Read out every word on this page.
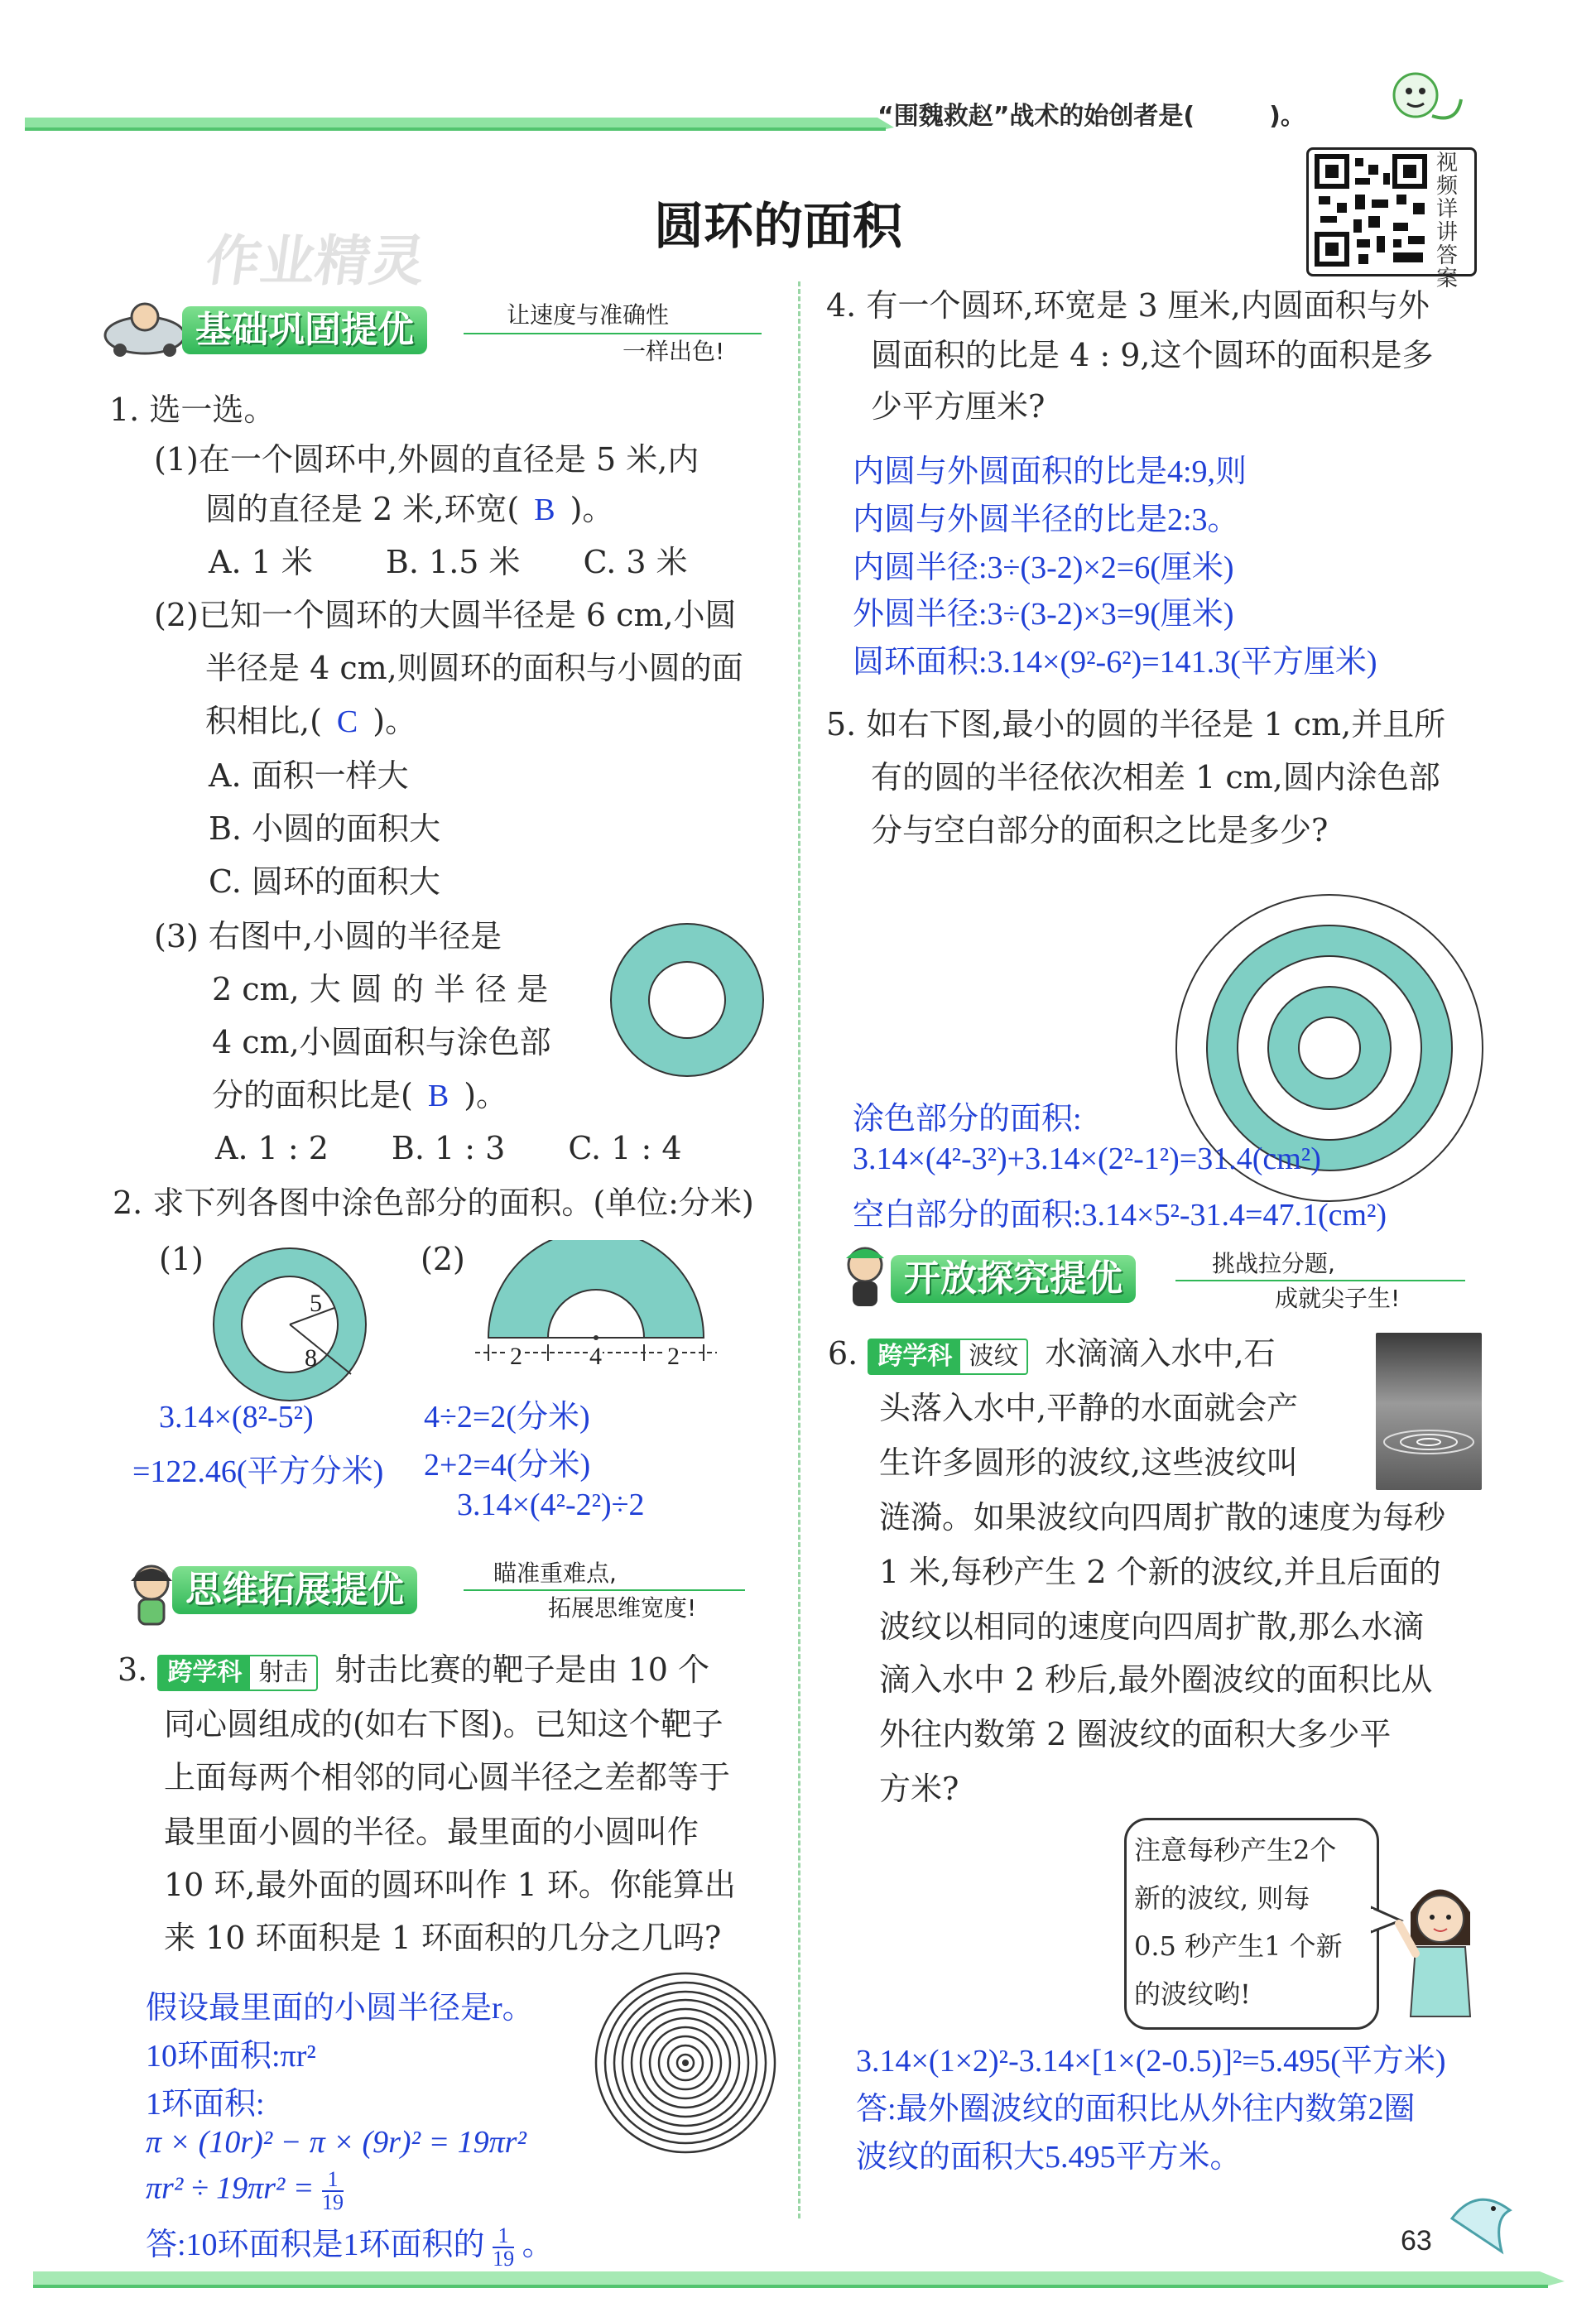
“围魏救赵”战术的始创者是(　　　)。
视频详讲答案
圆环的面积
作业精灵
基础巩固提优	让速度与准确性
一样出色!
1. 选一选。
(1)在一个圆环中,外圆的直径是 5 米,内
圆的直径是 2 米,环宽( B )。
A. 1 米　　 B. 1.5 米　　C. 3 米
(2)已知一个圆环的大圆半径是 6 cm,小圆
半径是 4 cm,则圆环的面积与小圆的面
积相比,( C )。
A. 面积一样大
B. 小圆的面积大
C. 圆环的面积大
(3) 右图中,小圆的半径是
2 cm, 大 圆 的 半 径 是
4 cm,小圆面积与涂色部
分的面积比是( B )。
A. 1 : 2　　B. 1 : 3　　C. 1 : 4
2. 求下列各图中涂色部分的面积。(单位:分米)
(1)
5
8
(2)
2	4	2
3.14×(8²-5²)
=122.46(平方分米)
4÷2=2(分米)
2+2=4(分米)
3.14×(4²-2²)÷2
思维拓展提优	瞄准重难点,
拓展思维宽度!
3. 跨学科 射击 射击比赛的靶子是由 10 个
同心圆组成的(如右下图)。已知这个靶子
上面每两个相邻的同心圆半径之差都等于
最里面小圆的半径。最里面的小圆叫作
10 环,最外面的圆环叫作 1 环。你能算出
来 10 环面积是 1 环面积的几分之几吗?
假设最里面的小圆半径是r。
10环面积:πr²
1环面积:
π × (10r)² − π × (9r)² = 19πr²
$\pi r^2 \div 19\pi r^2 = \frac{1}{19}$
答:10环面积是1环面积的 $\frac{1}{19}$ 。
4. 有一个圆环,环宽是 3 厘米,内圆面积与外
圆面积的比是 4 : 9,这个圆环的面积是多
少平方厘米?
内圆与外圆面积的比是4:9,则
内圆与外圆半径的比是2:3。
内圆半径:3÷(3-2)×2=6(厘米)
外圆半径:3÷(3-2)×3=9(厘米)
圆环面积:3.14×(9²-6²)=141.3(平方厘米)
5. 如右下图,最小的圆的半径是 1 cm,并且所
有的圆的半径依次相差 1 cm,圆内涂色部
分与空白部分的面积之比是多少?
涂色部分的面积:
3.14×(4²-3²)+3.14×(2²-1²)=31.4(cm²)
空白部分的面积:3.14×5²-31.4=47.1(cm²)
开放探究提优	挑战拉分题,
成就尖子生!
6. 跨学科 波纹 水滴滴入水中,石
头落入水中,平静的水面就会产
生许多圆形的波纹,这些波纹叫
涟漪。如果波纹向四周扩散的速度为每秒
1 米,每秒产生 2 个新的波纹,并且后面的
波纹以相同的速度向四周扩散,那么水滴
滴入水中 2 秒后,最外圈波纹的面积比从
外往内数第 2 圈波纹的面积大多少平
方米?
注意每秒产生2个
新的波纹, 则每
0.5 秒产生1 个新
的波纹哟!
3.14×(1×2)²-3.14×[1×(2-0.5)]²=5.495(平方米)
答:最外圈波纹的面积比从外往内数第2圈
波纹的面积大5.495平方米。
63
